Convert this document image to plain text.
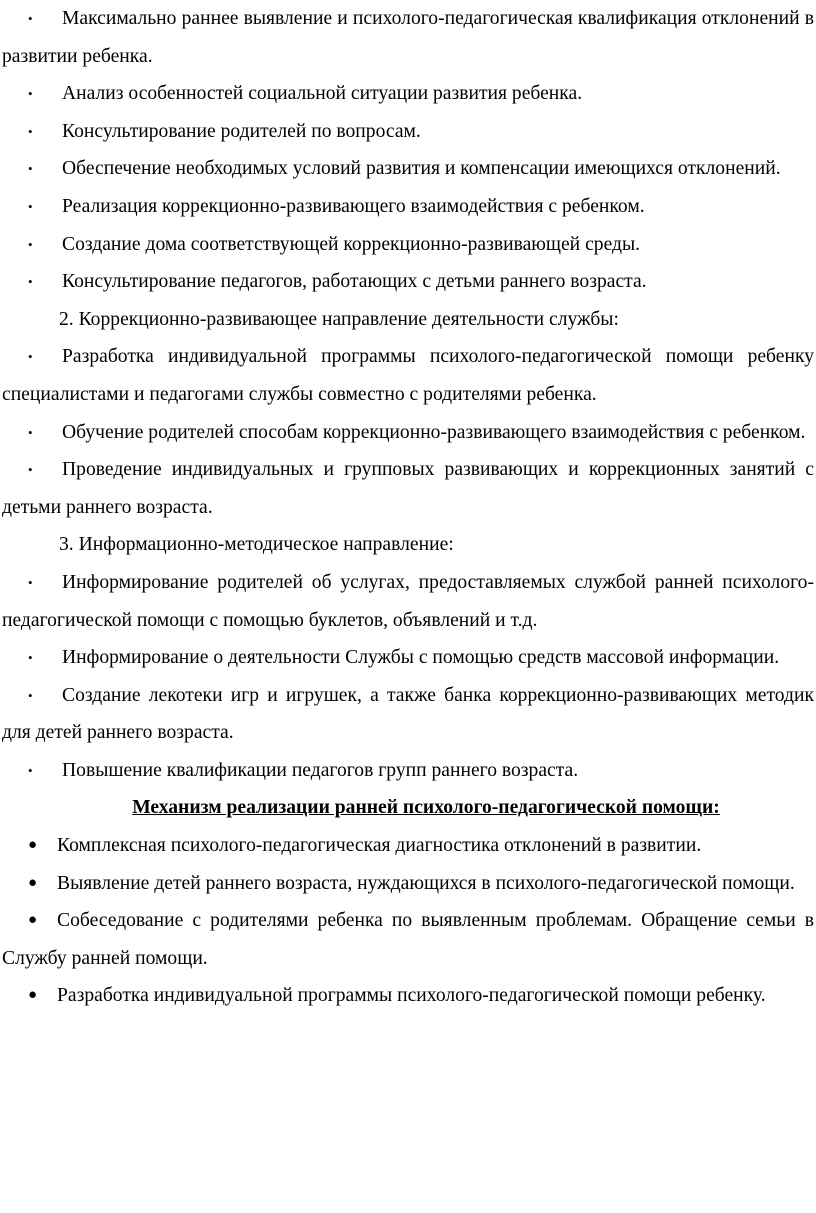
• Максимально раннее выявление и психолого-педагогическая квалификация отклонений в развитии ребенка.

• Анализ особенностей социальной ситуации развития ребенка.

• Консультирование родителей по вопросам.

• Обеспечение необходимых условий развития и компенсации имеющихся отклонений.

• Реализация коррекционно-развивающего взаимодействия с ребенком.

• Создание дома соответствующей коррекционно-развивающей среды.

• Консультирование педагогов, работающих с детьми раннего возраста.

2. Коррекционно-развивающее направление деятельности службы:

• Разработка индивидуальной программы психолого-педагогической помощи ребенку специалистами и педагогами службы совместно с родителями ребенка.

• Обучение родителей способам коррекционно-развивающего взаимодействия с ребенком.

• Проведение индивидуальных и групповых развивающих и коррекционных занятий с детьми раннего возраста.

3. Информационно-методическое направление:

• Информирование родителей об услугах, предоставляемых службой ранней психолого-педагогической помощи с помощью буклетов, объявлений и т.д.

• Информирование о деятельности Службы с помощью средств массовой информации.

• Создание лекотеки игр и игрушек, а также банка коррекционно-развивающих методик для детей раннего возраста.

• Повышение квалификации педагогов групп раннего возраста.

Механизм реализации ранней психолого-педагогической помощи:

● Комплексная психолого-педагогическая диагностика отклонений в развитии.

● Выявление детей раннего возраста, нуждающихся в психолого-педагогической помощи.

● Собеседование с родителями ребенка по выявленным проблемам. Обращение семьи в Службу ранней помощи.

● Разработка индивидуальной программы психолого-педагогической помощи ребенку.
